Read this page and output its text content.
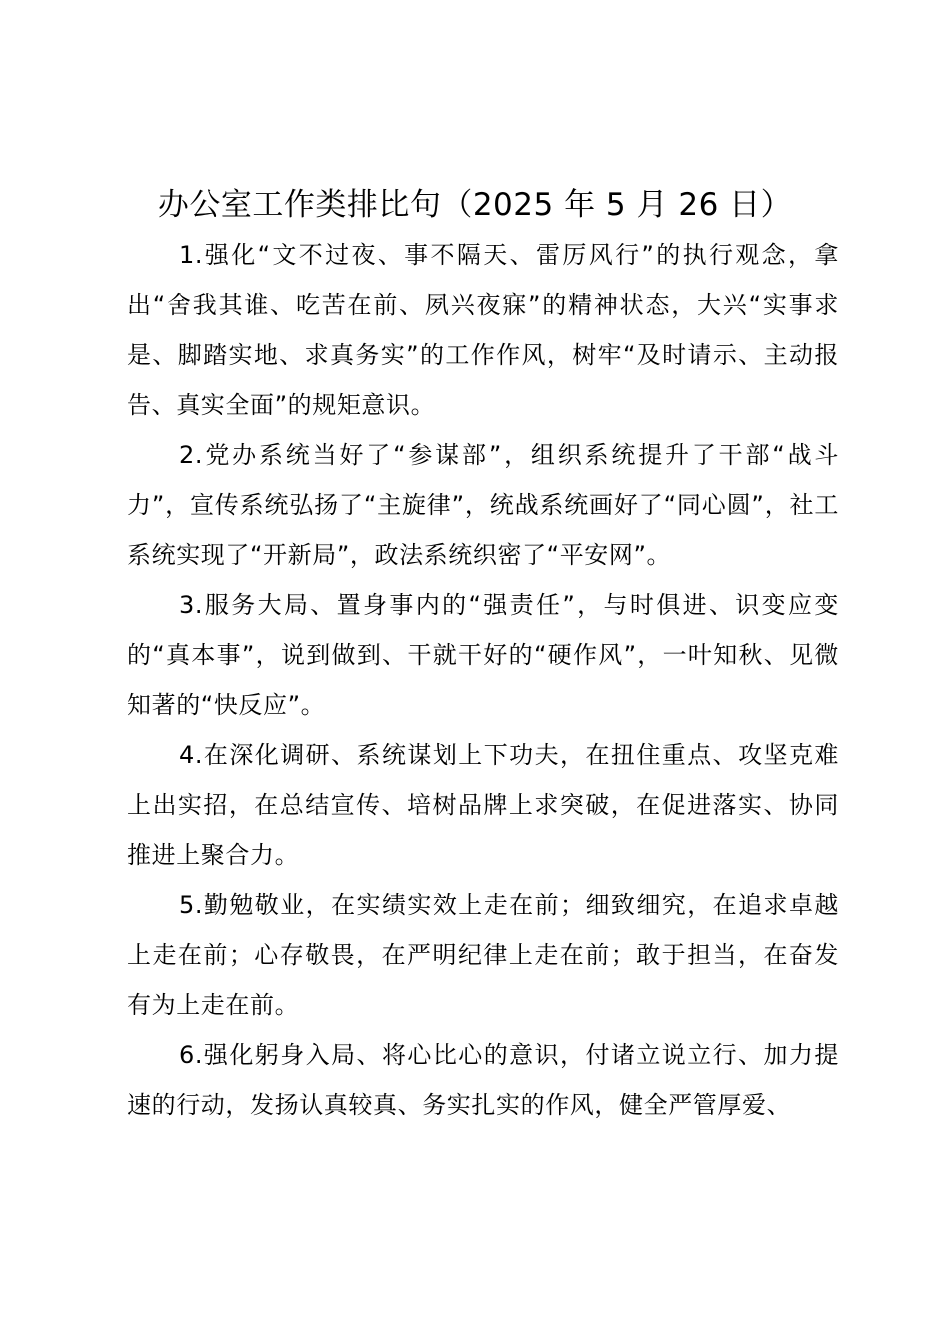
办公室工作类排比句（2025 年 5 月 26 日）

1.强化“文不过夜、事不隔天、雷厉风行”的执行观念，拿出“舍我其谁、吃苦在前、夙兴夜寐”的精神状态，大兴“实事求是、脚踏实地、求真务实”的工作作风，树牢“及时请示、主动报告、真实全面”的规矩意识。

2.党办系统当好了“参谋部”，组织系统提升了干部“战斗力”，宣传系统弘扬了“主旋律”，统战系统画好了“同心圆”，社工系统实现了“开新局”，政法系统织密了“平安网”。

3.服务大局、置身事内的“强责任”，与时俱进、识变应变的“真本事”，说到做到、干就干好的“硬作风”，一叶知秋、见微知著的“快反应”。

4.在深化调研、系统谋划上下功夫，在扭住重点、攻坚克难上出实招，在总结宣传、培树品牌上求突破，在促进落实、协同推进上聚合力。

5.勤勉敬业，在实绩实效上走在前；细致细究，在追求卓越上走在前；心存敬畏，在严明纪律上走在前；敢于担当，在奋发有为上走在前。

6.强化躬身入局、将心比心的意识，付诸立说立行、加力提速的行动，发扬认真较真、务实扎实的作风，健全严管厚爱、
